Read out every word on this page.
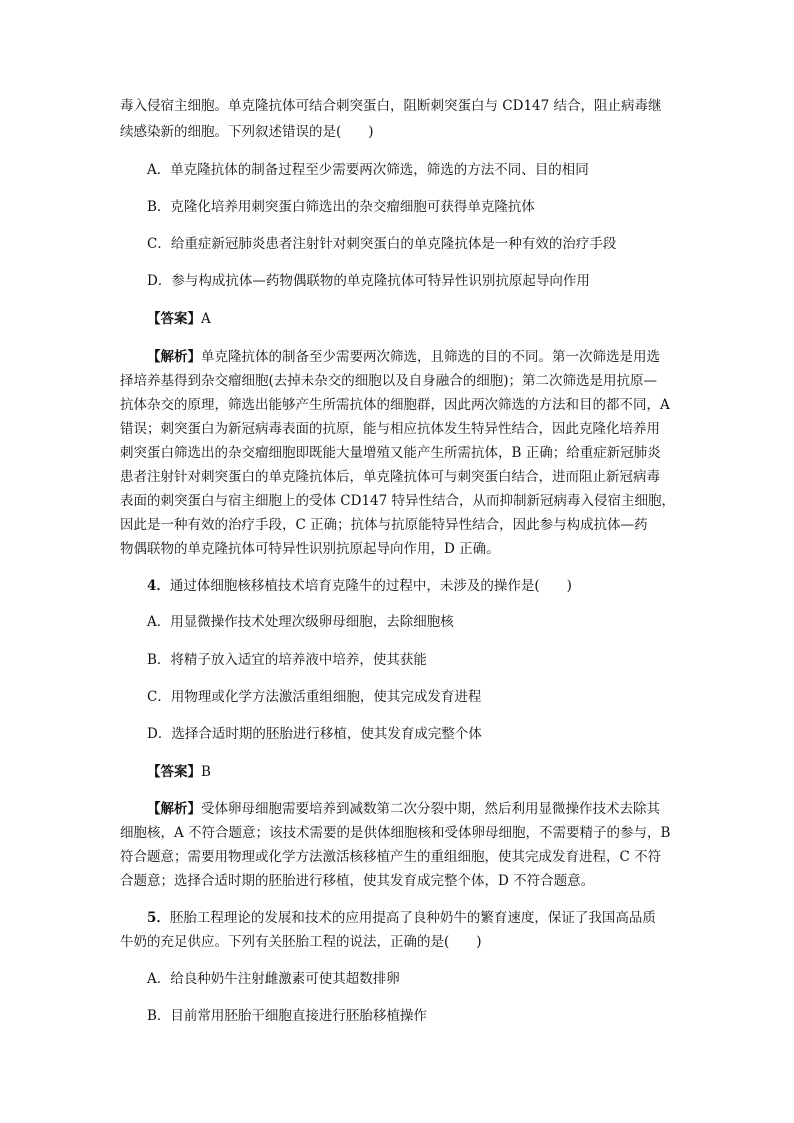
毒入侵宿主细胞。单克隆抗体可结合刺突蛋白，阻断刺突蛋白与 CD147 结合，阻止病毒继
续感染新的细胞。下列叙述错误的是(　　)
A．单克隆抗体的制备过程至少需要两次筛选，筛选的方法不同、目的相同
B．克隆化培养用刺突蛋白筛选出的杂交瘤细胞可获得单克隆抗体
C．给重症新冠肺炎患者注射针对刺突蛋白的单克隆抗体是一种有效的治疗手段
D．参与构成抗体—药物偶联物的单克隆抗体可特异性识别抗原起导向作用
【答案】A
【解析】单克隆抗体的制备至少需要两次筛选，且筛选的目的不同。第一次筛选是用选
择培养基得到杂交瘤细胞(去掉未杂交的细胞以及自身融合的细胞)；第二次筛选是用抗原—
抗体杂交的原理，筛选出能够产生所需抗体的细胞群，因此两次筛选的方法和目的都不同，A
错误；刺突蛋白为新冠病毒表面的抗原，能与相应抗体发生特异性结合，因此克隆化培养用
刺突蛋白筛选出的杂交瘤细胞即既能大量增殖又能产生所需抗体，B 正确；给重症新冠肺炎
患者注射针对刺突蛋白的单克隆抗体后，单克隆抗体可与刺突蛋白结合，进而阻止新冠病毒
表面的刺突蛋白与宿主细胞上的受体 CD147 特异性结合，从而抑制新冠病毒入侵宿主细胞，
因此是一种有效的治疗手段，C 正确；抗体与抗原能特异性结合，因此参与构成抗体—药
物偶联物的单克隆抗体可特异性识别抗原起导向作用，D 正确。
4．通过体细胞核移植技术培育克隆牛的过程中，未涉及的操作是(　　)
A．用显微操作技术处理次级卵母细胞，去除细胞核
B．将精子放入适宜的培养液中培养，使其获能
C．用物理或化学方法激活重组细胞，使其完成发育进程
D．选择合适时期的胚胎进行移植，使其发育成完整个体
【答案】B
【解析】受体卵母细胞需要培养到减数第二次分裂中期，然后利用显微操作技术去除其
细胞核，A 不符合题意；该技术需要的是供体细胞核和受体卵母细胞，不需要精子的参与，B
符合题意；需要用物理或化学方法激活核移植产生的重组细胞，使其完成发育进程，C 不符
合题意；选择合适时期的胚胎进行移植，使其发育成完整个体，D 不符合题意。
5．胚胎工程理论的发展和技术的应用提高了良种奶牛的繁育速度，保证了我国高品质
牛奶的充足供应。下列有关胚胎工程的说法，正确的是(　　)
A．给良种奶牛注射雌激素可使其超数排卵
B．目前常用胚胎干细胞直接进行胚胎移植操作
